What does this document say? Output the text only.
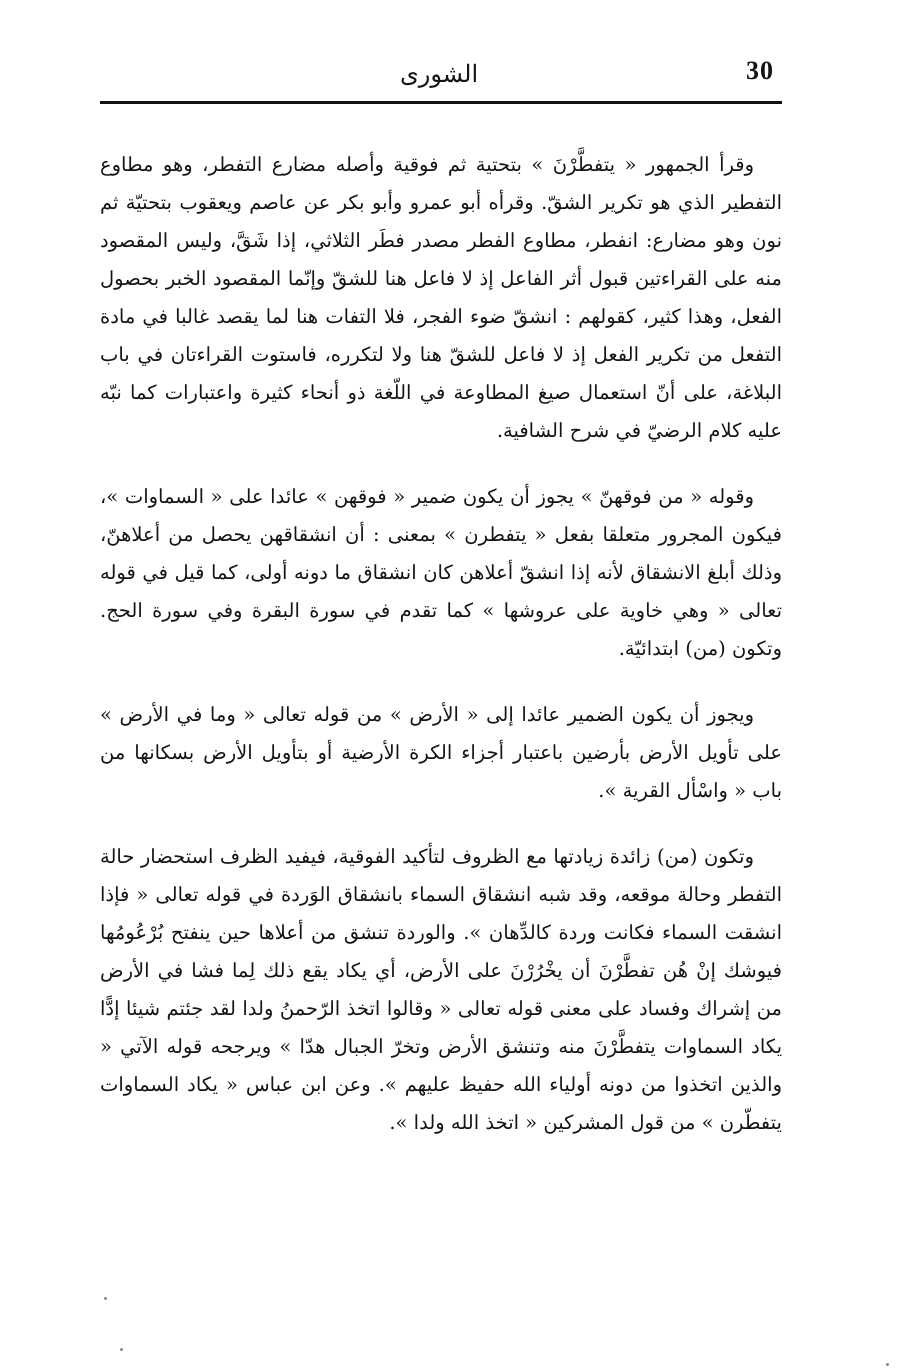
30
الشورى

وقرأ الجمهور « يتفطَّرْنَ » بتحتية ثم فوقية وأصله مضارع التفطر، وهو مطاوع التفطير الذي هو تكرير الشقّ. وقرأه أبو عمرو وأبو بكر عن عاصم ويعقوب بتحتيّة ثم نون وهو مضارع: انفطر، مطاوع الفطر مصدر فطَر الثلاثي، إذا شَقَّ، وليس المقصود منه على القراءتين قبول أثر الفاعل إذ لا فاعل هنا للشقّ وإنّما المقصود الخبر بحصول الفعل، وهذا كثير، كقولهم : انشقّ ضوء الفجر، فلا التفات هنا لما يقصد غالبا في مادة التفعل من تكرير الفعل إذ لا فاعل للشقّ هنا ولا لتكرره، فاستوت القراءتان في باب البلاغة، على أنّ استعمال صيغ المطاوعة في اللّغة ذو أنحاء كثيرة واعتبارات كما نبّه عليه كلام الرضيّ في شرح الشافية.

وقوله « من فوقهنّ » يجوز أن يكون ضمير « فوقهن » عائدا على « السماوات »، فيكون المجرور متعلقا بفعل « يتفطرن » بمعنى : أن انشقاقهن يحصل من أعلاهنّ، وذلك أبلغ الانشقاق لأنه إذا انشقّ أعلاهن كان انشقاق ما دونه أولى، كما قيل في قوله تعالى « وهي خاوية على عروشها » كما تقدم في سورة البقرة وفي سورة الحج. وتكون (من) ابتدائيّة.

ويجوز أن يكون الضمير عائدا إلى « الأرض » من قوله تعالى « وما في الأرض » على تأويل الأرض بأرضين باعتبار أجزاء الكرة الأرضية أو بتأويل الأرض بسكانها من باب « واسْأل القرية ».

وتكون (من) زائدة زيادتها مع الظروف لتأكيد الفوقية، فيفيد الظرف استحضار حالة التفطر وحالة موقعه، وقد شبه انشقاق السماء بانشقاق الوَردة في قوله تعالى « فإذا انشقت السماء فكانت وردة كالدِّهان ». والوردة تنشق من أعلاها حين ينفتح بُرْعُومُها فيوشك إنْ هُن تفطَّرْنَ أن يخْرُرْنَ على الأرض، أي يكاد يقع ذلك لِما فشا في الأرض من إشراك وفساد على معنى قوله تعالى « وقالوا اتخذ الرّحمنُ ولدا لقد جئتم شيئا إدًّا يكاد السماوات يتفطَّرْنَ منه وتنشق الأرض وتخرّ الجبال هدّا » ويرجحه قوله الآتي « والذين اتخذوا من دونه أولياء الله حفيظ عليهم ». وعن ابن عباس « يكاد السماوات يتفطّرن » من قول المشركين « اتخذ الله ولدا ».
